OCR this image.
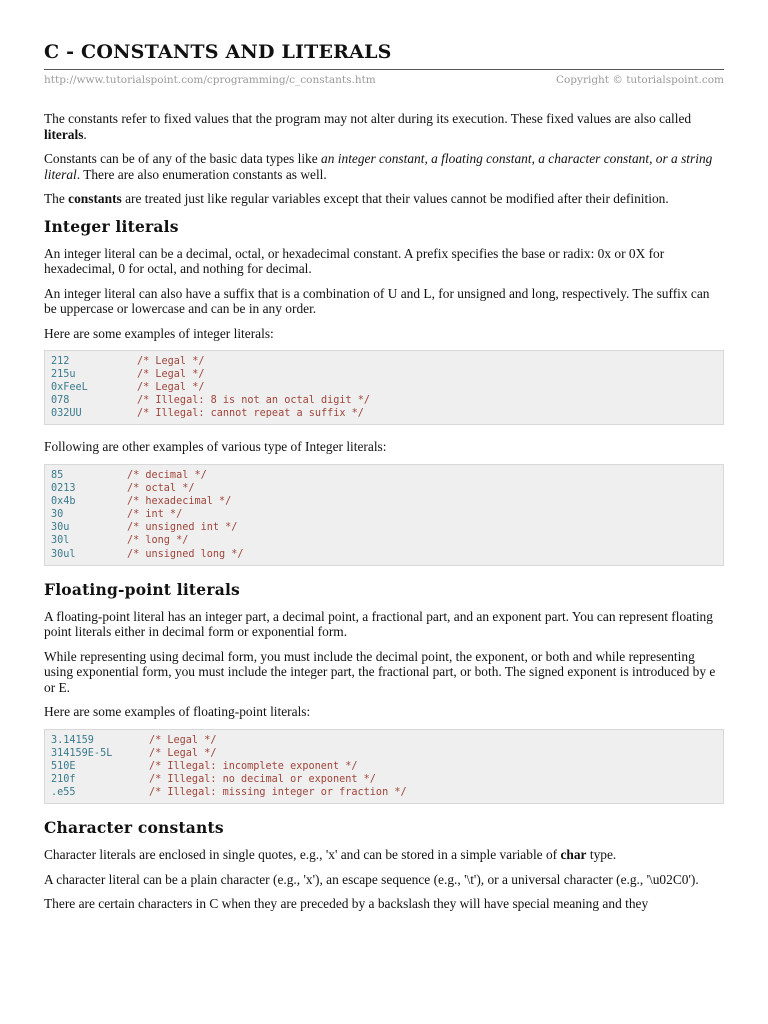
C - CONSTANTS AND LITERALS
http://www.tutorialspoint.com/cprogramming/c_constants.htm	Copyright © tutorialspoint.com

The constants refer to fixed values that the program may not alter during its execution. These fixed values are also called literals.

Constants can be of any of the basic data types like an integer constant, a floating constant, a character constant, or a string literal. There are also enumeration constants as well.

The constants are treated just like regular variables except that their values cannot be modified after their definition.

Integer literals

An integer literal can be a decimal, octal, or hexadecimal constant. A prefix specifies the base or radix: 0x or 0X for hexadecimal, 0 for octal, and nothing for decimal.

An integer literal can also have a suffix that is a combination of U and L, for unsigned and long, respectively. The suffix can be uppercase or lowercase and can be in any order.

Here are some examples of integer literals:

212	/* Legal */
215u	/* Legal */
0xFeeL	/* Legal */
078	/* Illegal: 8 is not an octal digit */
032UU	/* Illegal: cannot repeat a suffix */

Following are other examples of various type of Integer literals:

85	/* decimal */
0213	/* octal */
0x4b	/* hexadecimal */
30	/* int */
30u	/* unsigned int */
30l	/* long */
30ul	/* unsigned long */
Floating-point literals

A floating-point literal has an integer part, a decimal point, a fractional part, and an exponent part. You can represent floating point literals either in decimal form or exponential form.

While representing using decimal form, you must include the decimal point, the exponent, or both and while representing using exponential form, you must include the integer part, the fractional part, or both. The signed exponent is introduced by e or E.

Here are some examples of floating-point literals:

3.14159	/* Legal */
314159E-5L	/* Legal */
510E	/* Illegal: incomplete exponent */
210f	/* Illegal: no decimal or exponent */
.e55	/* Illegal: missing integer or fraction */
Character constants

Character literals are enclosed in single quotes, e.g., 'x' and can be stored in a simple variable of char type.

A character literal can be a plain character (e.g., 'x'), an escape sequence (e.g., '\t'), or a universal character (e.g., '\u02C0').

There are certain characters in C when they are preceded by a backslash they will have special meaning and they
